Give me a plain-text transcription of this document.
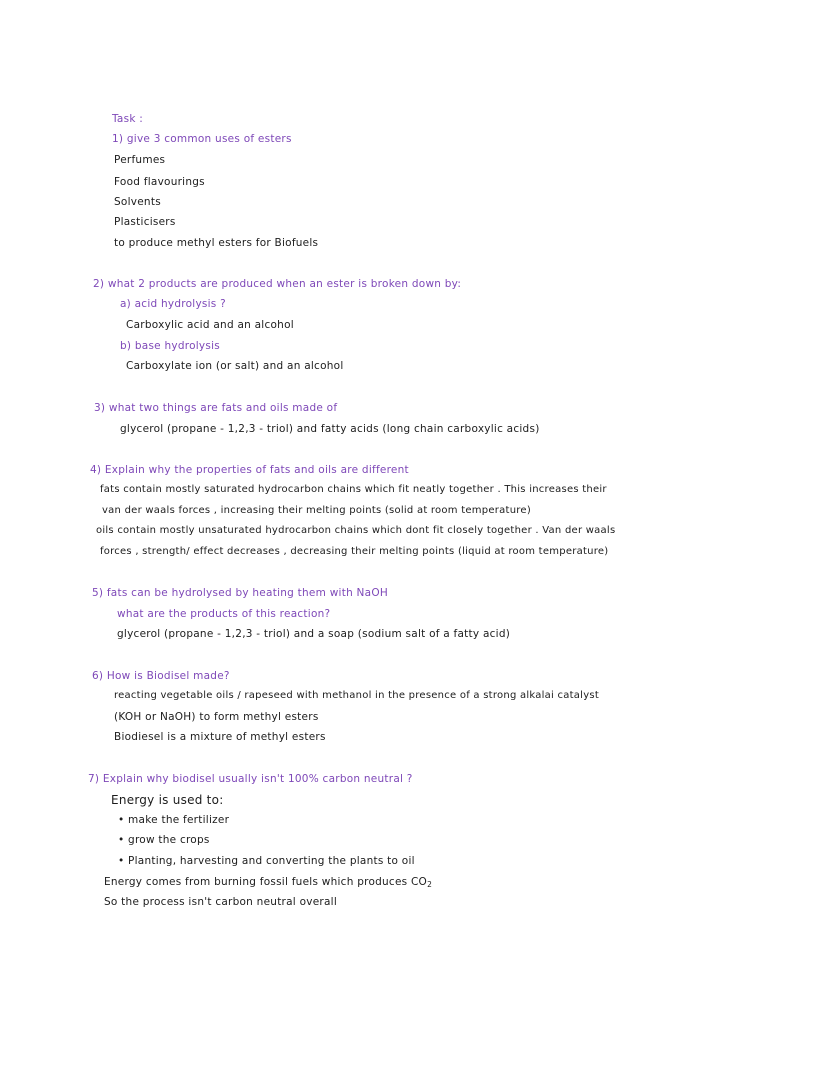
Task :
1) give 3 common uses of esters
Perfumes
Food flavourings
Solvents
Plasticisers
to produce methyl esters for Biofuels
2) what 2 products are produced when an ester is broken down by:
a) acid hydrolysis ?
Carboxylic acid and an alcohol
b) base hydrolysis
Carboxylate ion (or salt) and an alcohol
3) what two things are fats and oils made of
glycerol (propane - 1,2,3 - triol) and fatty acids (long chain carboxylic acids)
4) Explain why the properties of fats and oils are different
fats contain mostly saturated hydrocarbon chains which fit neatly together . This increases their
van der waals forces , increasing their melting points (solid at room temperature)
oils contain mostly unsaturated hydrocarbon chains which dont fit closely together . Van der waals
forces , strength/ effect decreases , decreasing their melting points (liquid at room temperature)
5) fats can be hydrolysed by heating them with NaOH
what are the products of this reaction?
glycerol (propane - 1,2,3 - triol) and a soap (sodium salt of a fatty acid)
6) How is Biodisel made?
reacting vegetable oils / rapeseed with methanol in the presence of a strong alkalai catalyst
(KOH or NaOH) to form methyl esters
Biodiesel is a mixture of methyl esters
7) Explain why biodisel usually isn't 100% carbon neutral ?
Energy is used to:
• make the fertilizer
• grow the crops
• Planting, harvesting and converting the plants to oil
Energy comes from burning fossil fuels which produces $CO_2$
So the process isn't carbon neutral overall
